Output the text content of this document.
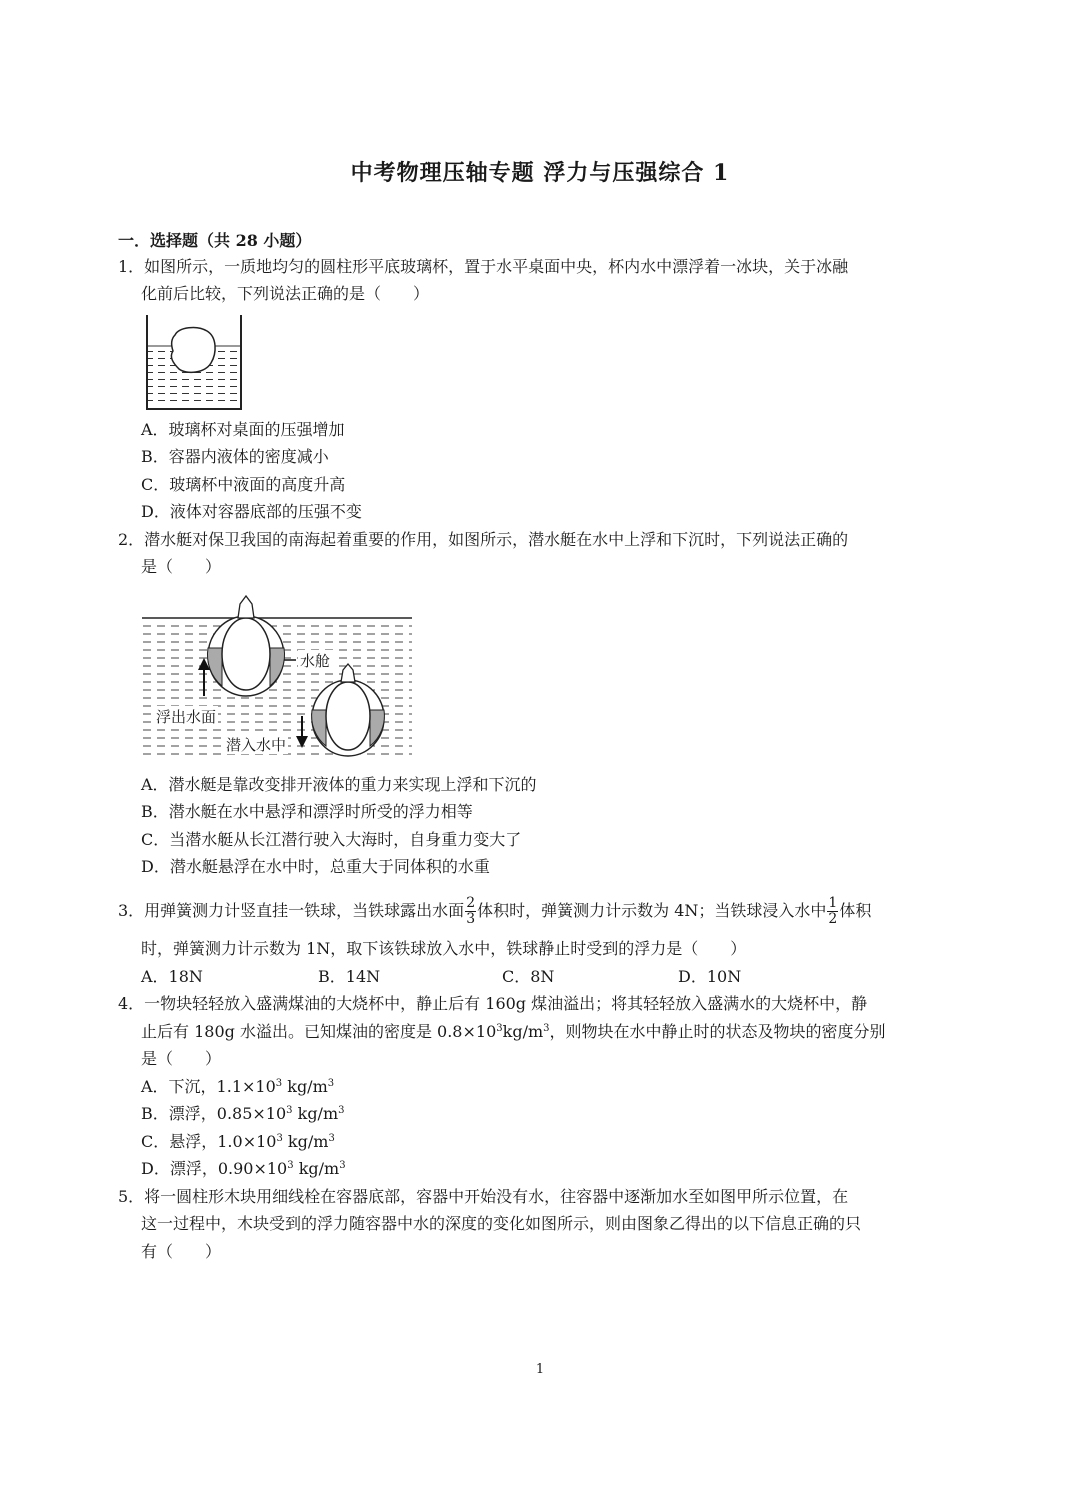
中考物理压轴专题 浮力与压强综合 1
一．选择题（共 28 小题）
1．如图所示，一质地均匀的圆柱形平底玻璃杯，置于水平桌面中央，杯内水中漂浮着一冰块，关于冰融
化前后比较，下列说法正确的是（　　）
A．玻璃杯对桌面的压强增加
B．容器内液体的密度减小
C．玻璃杯中液面的高度升高
D．液体对容器底部的压强不变
2．潜水艇对保卫我国的南海起着重要的作用，如图所示，潜水艇在水中上浮和下沉时，下列说法正确的
是（　　）
水舱
浮出水面
潜入水中
A．潜水艇是靠改变排开液体的重力来实现上浮和下沉的
B．潜水艇在水中悬浮和漂浮时所受的浮力相等
C．当潜水艇从长江潜行驶入大海时，自身重力变大了
D．潜水艇悬浮在水中时，总重大于同体积的水重
3．用弹簧测力计竖直挂一铁球，当铁球露出水面 $\frac{2}{3}$ 体积时，弹簧测力计示数为 4N；当铁球浸入水中 $\frac{1}{2}$ 体积
时，弹簧测力计示数为 1N，取下该铁球放入水中，铁球静止时受到的浮力是（　　）
A．18N	B．14N	C．8N	D．10N
4．一物块轻轻放入盛满煤油的大烧杯中，静止后有 160g 煤油溢出；将其轻轻放入盛满水的大烧杯中，静
止后有 180g 水溢出。已知煤油的密度是 $0.8\times 10^3kg/m^3$，则物块在水中静止时的状态及物块的密度分别
是（　　）
A．下沉，$1.1\times 10^3$ $kg/m^3$
B．漂浮，$0.85\times 10^3$ $kg/m^3$
C．悬浮，$1.0\times 10^3$ $kg/m^3$
D．漂浮，$0.90\times 10^3$ $kg/m^3$
5．将一圆柱形木块用细线栓在容器底部，容器中开始没有水，往容器中逐渐加水至如图甲所示位置，在
这一过程中，木块受到的浮力随容器中水的深度的变化如图所示，则由图象乙得出的以下信息正确的只
有（　　）
1
